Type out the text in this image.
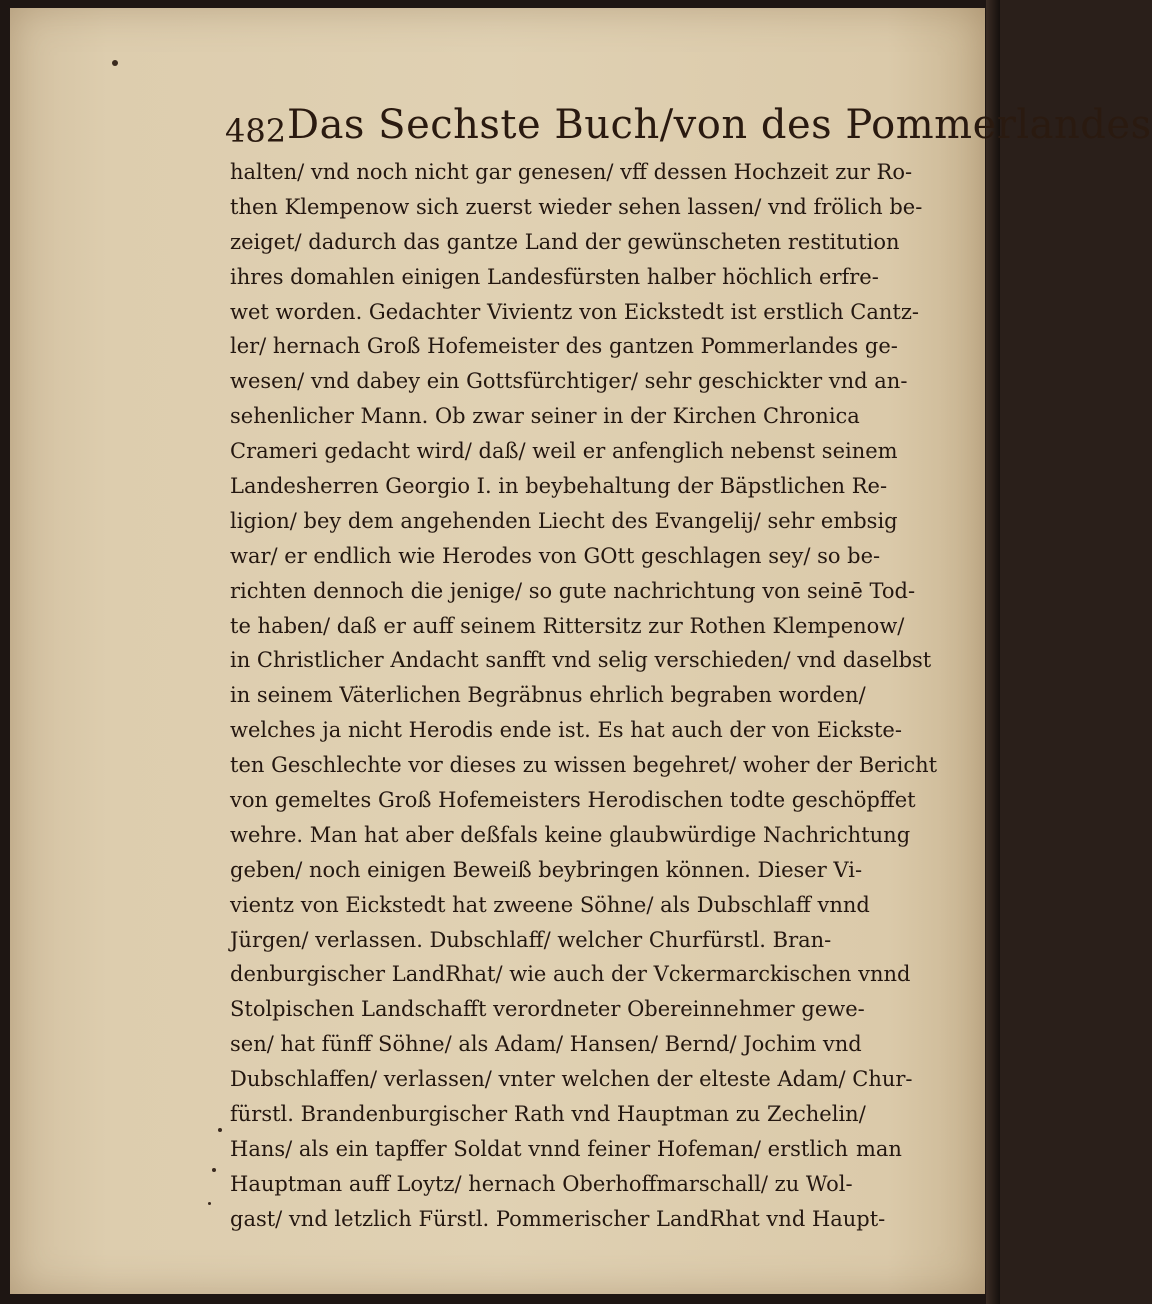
482 Das Sechste Buch/von des Pommerlandes
halten/ vnd noch nicht gar genesen/ vff dessen Hochzeit zur Ro-
then Klempenow sich zuerst wieder sehen lassen/ vnd frölich be-
zeiget/ dadurch das gantze Land der gewünscheten restitution
ihres domahlen einigen Landesfürsten halber höchlich erfre-
wet worden. Gedachter Vivientz von Eickstedt ist erstlich Cantz-
ler/ hernach Groß Hofemeister des gantzen Pommerlandes ge-
wesen/ vnd dabey ein Gottsfürchtiger/ sehr geschickter vnd an-
sehenlicher Mann. Ob zwar seiner in der Kirchen Chronica
Crameri gedacht wird/ daß/ weil er anfenglich nebenst seinem
Landesherren Georgio I. in beybehaltung der Bäpstlichen Re-
ligion/ bey dem angehenden Liecht des Evangelij/ sehr embsig
war/ er endlich wie Herodes von GOtt geschlagen sey/ so be-
richten dennoch die jenige/ so gute nachrichtung von seinē Tod-
te haben/ daß er auff seinem Rittersitz zur Rothen Klempenow/
in Christlicher Andacht sanfft vnd selig verschieden/ vnd daselbst
in seinem Väterlichen Begräbnus ehrlich begraben worden/
welches ja nicht Herodis ende ist. Es hat auch der von Eickste-
ten Geschlechte vor dieses zu wissen begehret/ woher der Bericht
von gemeltes Groß Hofemeisters Herodischen todte geschöpffet
wehre. Man hat aber deßfals keine glaubwürdige Nachrichtung
geben/ noch einigen Beweiß beybringen können. Dieser Vi-
vientz von Eickstedt hat zweene Söhne/ als Dubschlaff vnnd
Jürgen/ verlassen. Dubschlaff/ welcher Churfürstl. Bran-
denburgischer LandRhat/ wie auch der Vckermarckischen vnnd
Stolpischen Landschafft verordneter Obereinnehmer gewe-
sen/ hat fünff Söhne/ als Adam/ Hansen/ Bernd/ Jochim vnd
Dubschlaffen/ verlassen/ vnter welchen der elteste Adam/ Chur-
fürstl. Brandenburgischer Rath vnd Hauptman zu Zechelin/
Hans/ als ein tapffer Soldat vnnd feiner Hofeman/ erstlich
Hauptman auff Loytz/ hernach Oberhoffmarschall/ zu Wol-
gast/ vnd letzlich Fürstl. Pommerischer LandRhat vnd Haupt-
man
